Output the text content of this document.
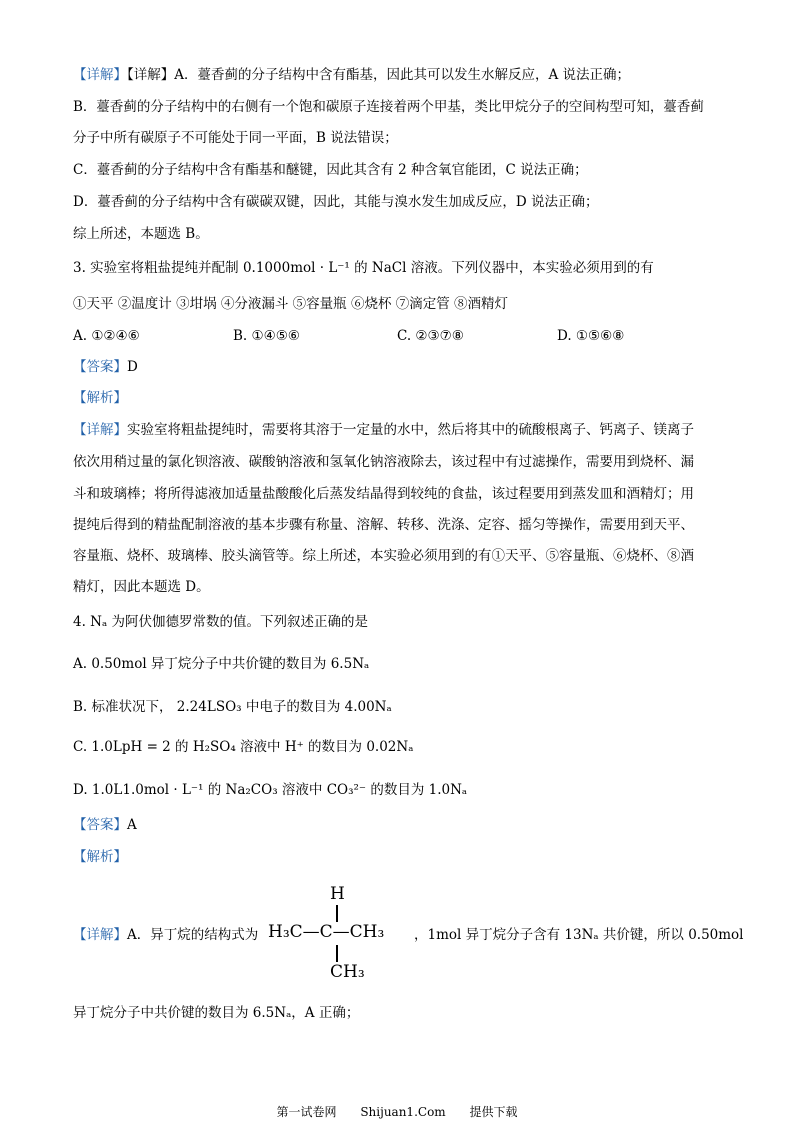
【详解】【详解】A．薹香蓟的分子结构中含有酯基，因此其可以发生水解反应，A 说法正确；
B．薹香蓟的分子结构中的右侧有一个饱和碳原子连接着两个甲基，类比甲烷分子的空间构型可知，薹香蓟
分子中所有碳原子不可能处于同一平面，B 说法错误；
C．薹香蓟的分子结构中含有酯基和醚键，因此其含有 2 种含氧官能团，C 说法正确；
D．薹香蓟的分子结构中含有碳碳双键，因此，其能与溴水发生加成反应，D 说法正确；
综上所述，本题选 B。
3. 实验室将粗盐提纯并配制 0.1000mol · L⁻¹ 的 NaCl 溶液。下列仪器中，本实验必须用到的有
①天平 ②温度计 ③坩埚 ④分液漏斗 ⑤容量瓶 ⑥烧杯 ⑦滴定管 ⑧酒精灯
A. ①②④⑥	B. ①④⑤⑥	C. ②③⑦⑧	D. ①⑤⑥⑧
【答案】D
【解析】
【详解】实验室将粗盐提纯时，需要将其溶于一定量的水中，然后将其中的硫酸根离子、钙离子、镁离子
依次用稍过量的氯化钡溶液、碳酸钠溶液和氢氧化钠溶液除去，该过程中有过滤操作，需要用到烧杯、漏
斗和玻璃棒；将所得滤液加适量盐酸酸化后蒸发结晶得到较纯的食盐，该过程要用到蒸发皿和酒精灯；用
提纯后得到的精盐配制溶液的基本步骤有称量、溶解、转移、洗涤、定容、摇匀等操作，需要用到天平、
容量瓶、烧杯、玻璃棒、胶头滴管等。综上所述，本实验必须用到的有①天平、⑤容量瓶、⑥烧杯、⑧酒
精灯，因此本题选 D。
4. Nₐ 为阿伏伽德罗常数的值。下列叙述正确的是
A. 0.50mol 异丁烷分子中共价键的数目为 6.5Nₐ
B. 标准状况下， 2.24LSO₃ 中电子的数目为 4.00Nₐ
C. 1.0LpH = 2 的 H₂SO₄ 溶液中 H⁺ 的数目为 0.02Nₐ
D. 1.0L1.0mol · L⁻¹ 的 Na₂CO₃ 溶液中 CO₃²⁻ 的数目为 1.0Nₐ
【答案】A
【解析】
【详解】A．异丁烷的结构式为
H
H₃C—C—CH₃
CH₃
，1mol 异丁烷分子含有 13Nₐ 共价键，所以 0.50mol
异丁烷分子中共价键的数目为 6.5Nₐ，A 正确；
第一试卷网 Shijuan1.Com 提供下载
